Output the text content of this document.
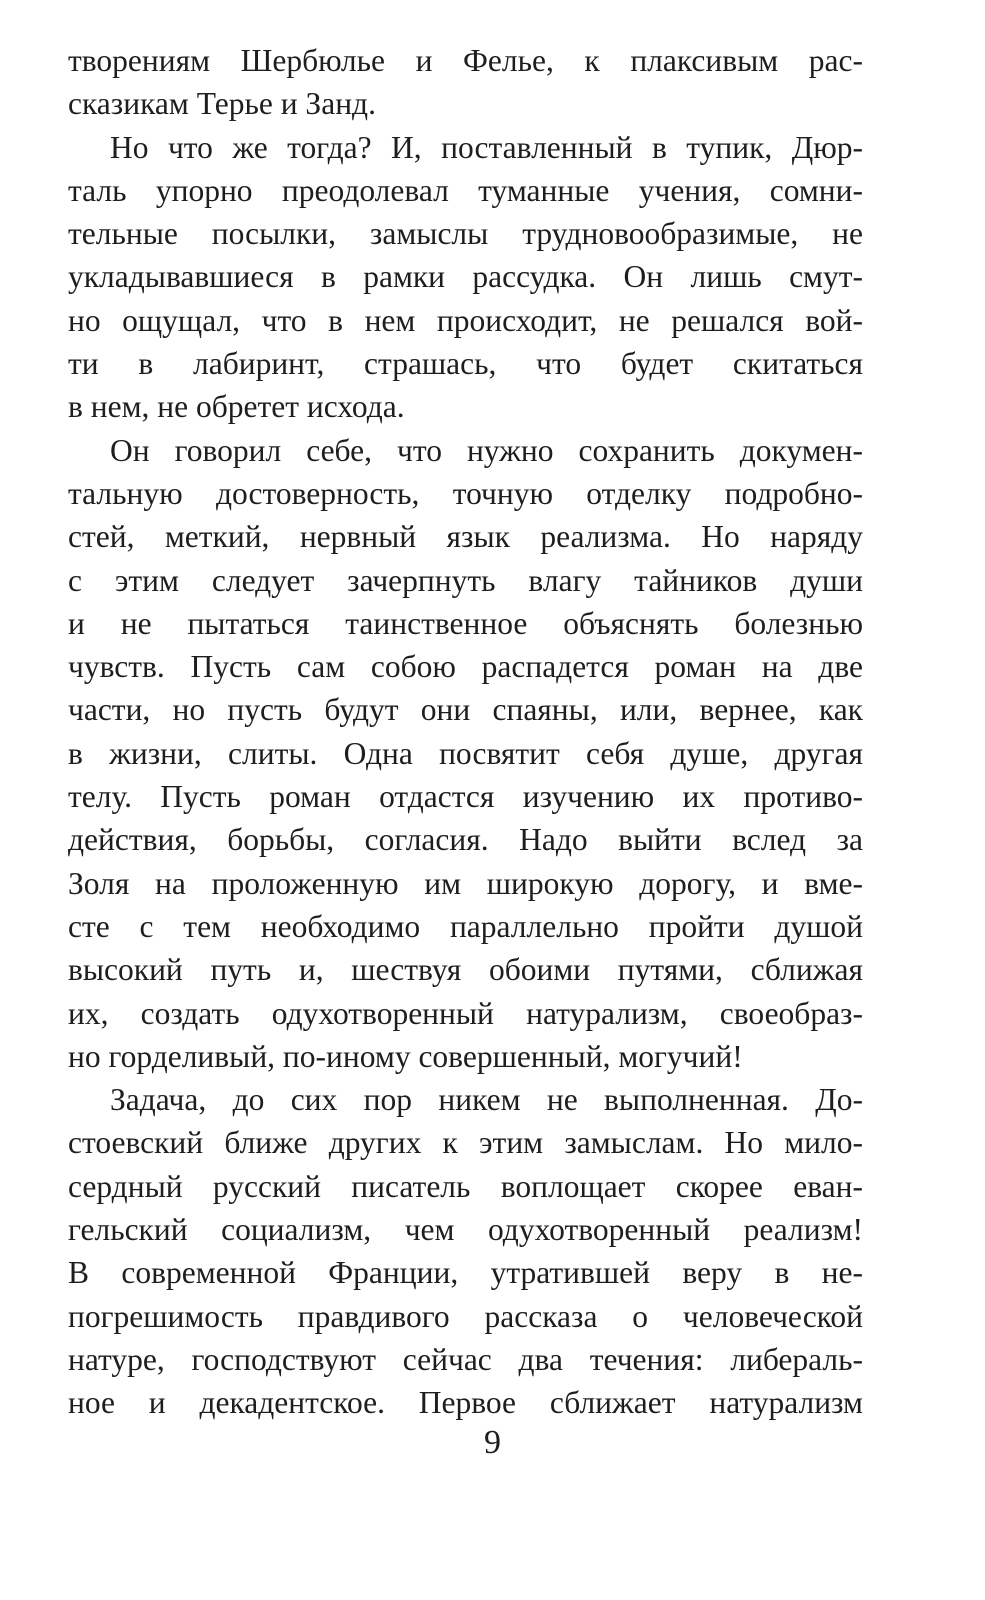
творениям Шербюлье и Фелье, к плаксивым рас-
сказикам Терье и Занд.
Но что же тогда? И, поставленный в тупик, Дюр-
таль упорно преодолевал туманные учения, сомни-
тельные посылки, замыслы трудновообразимые, не
укладывавшиеся в рамки рассудка. Он лишь смут-
но ощущал, что в нем происходит, не решался вой-
ти в лабиринт, страшась, что будет скитаться
в нем, не обретет исхода.
Он говорил себе, что нужно сохранить докумен-
тальную достоверность, точную отделку подробно-
стей, меткий, нервный язык реализма. Но наряду
с этим следует зачерпнуть влагу тайников души
и не пытаться таинственное объяснять болезнью
чувств. Пусть сам собою распадется роман на две
части, но пусть будут они спаяны, или, вернее, как
в жизни, слиты. Одна посвятит себя душе, другая
телу. Пусть роман отдастся изучению их противо-
действия, борьбы, согласия. Надо выйти вслед за
Золя на проложенную им широкую дорогу, и вме-
сте с тем необходимо параллельно пройти душой
высокий путь и, шествуя обоими путями, сближая
их, создать одухотворенный натурализм, своеобраз-
но горделивый, по-иному совершенный, могучий!
Задача, до сих пор никем не выполненная. До-
стоевский ближе других к этим замыслам. Но мило-
сердный русский писатель воплощает скорее еван-
гельский социализм, чем одухотворенный реализм!
В современной Франции, утратившей веру в не-
погрешимость правдивого рассказа о человеческой
натуре, господствуют сейчас два течения: либераль-
ное и декадентское. Первое сближает натурализм
9
